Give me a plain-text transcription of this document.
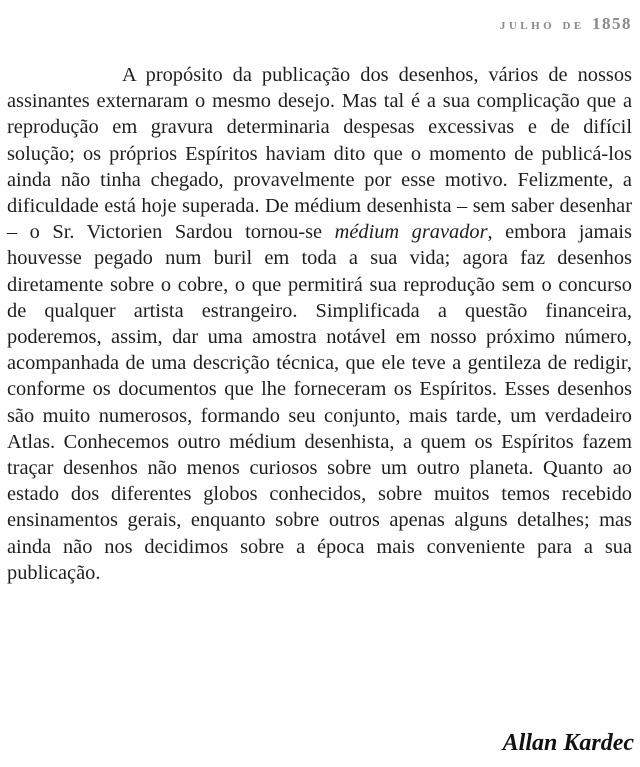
julho de 1858

A propósito da publicação dos desenhos, vários de nossos assinantes externaram o mesmo desejo. Mas tal é a sua complicação que a reprodução em gravura determinaria despesas excessivas e de difícil solução; os próprios Espíritos haviam dito que o momento de publicá-los ainda não tinha chegado, provavelmente por esse motivo. Felizmente, a dificuldade está hoje superada. De médium desenhista – sem saber desenhar – o Sr. Victorien Sardou tornou-se médium gravador, embora jamais houvesse pegado num buril em toda a sua vida; agora faz desenhos diretamente sobre o cobre, o que permitirá sua reprodução sem o concurso de qualquer artista estrangeiro. Simplificada a questão financeira, poderemos, assim, dar uma amostra notável em nosso próximo número, acompanhada de uma descrição técnica, que ele teve a gentileza de redigir, conforme os documentos que lhe forneceram os Espíritos. Esses desenhos são muito numerosos, formando seu conjunto, mais tarde, um verdadeiro Atlas. Conhecemos outro médium desenhista, a quem os Espíritos fazem traçar desenhos não menos curiosos sobre um outro planeta. Quanto ao estado dos diferentes globos conhecidos, sobre muitos temos recebido ensinamentos gerais, enquanto sobre outros apenas alguns detalhes; mas ainda não nos decidimos sobre a época mais conveniente para a sua publicação.

Allan Kardec
